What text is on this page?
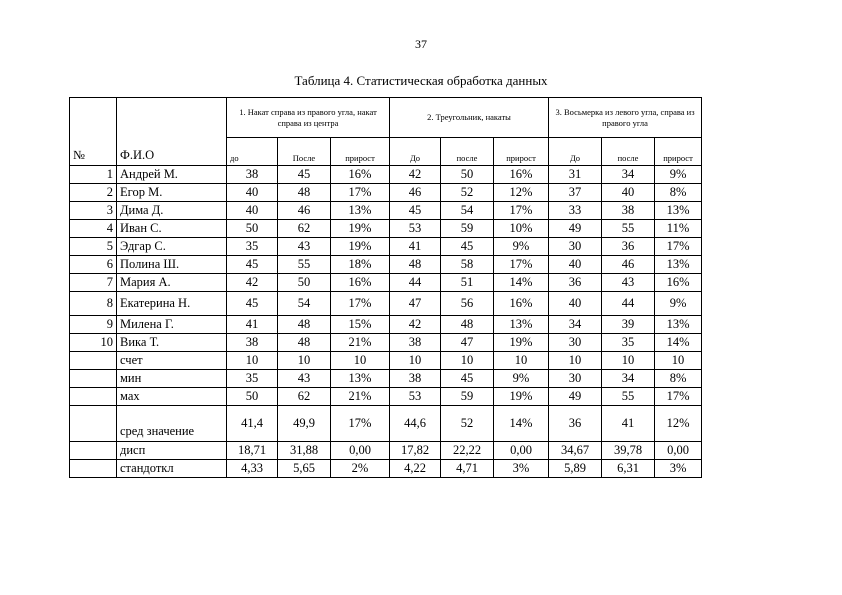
37
Таблица 4. Статистическая обработка данных
		1. Накат справа из правого угла, накат справа из центра			2. Треугольник, накаты			3. Восьмерка из левого угла, справа из правого угла		
№	Ф.И.О	до	После	прирост	До	после	прирост	До	после	прирост
1	Андрей М.	38	45	16%	42	50	16%	31	34	9%
2	Егор М.	40	48	17%	46	52	12%	37	40	8%
3	Дима Д.	40	46	13%	45	54	17%	33	38	13%
4	Иван С.	50	62	19%	53	59	10%	49	55	11%
5	Эдгар С.	35	43	19%	41	45	9%	30	36	17%
6	Полина Ш.	45	55	18%	48	58	17%	40	46	13%
7	Мария А.	42	50	16%	44	51	14%	36	43	16%
8	Екатерина Н.	45	54	17%	47	56	16%	40	44	9%
9	Милена Г.	41	48	15%	42	48	13%	34	39	13%
10	Вика Т.	38	48	21%	38	47	19%	30	35	14%
	счет	10	10	10	10	10	10	10	10	10
	мин	35	43	13%	38	45	9%	30	34	8%
	мах	50	62	21%	53	59	19%	49	55	17%
	сред значение	41,4	49,9	17%	44,6	52	14%	36	41	12%
	дисп	18,71	31,88	0,00	17,82	22,22	0,00	34,67	39,78	0,00
	стандоткл	4,33	5,65	2%	4,22	4,71	3%	5,89	6,31	3%
